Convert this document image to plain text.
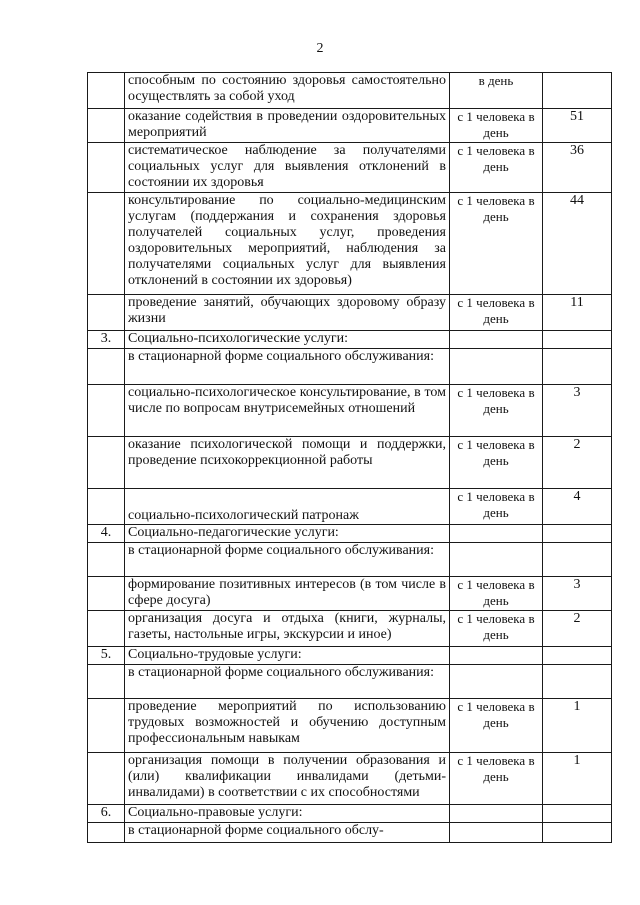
2
	способным по состоянию здоровья самостоятельно осуществлять за собой уход	в день	
	оказание содействия в проведении оздоровительных мероприятий	с 1 человека в день	51
	систематическое наблюдение за получателями социальных услуг для выявления отклонений в состоянии их здоровья	с 1 человека в день	36
	консультирование по социально-медицинским услугам (поддержания и сохранения здоровья получателей социальных услуг, проведения оздоровительных мероприятий, наблюдения за получателями социальных услуг для выявления отклонений в состоянии их здоровья)	с 1 человека в день	44
	проведение занятий, обучающих здоровому образу жизни	с 1 человека в день	11
3.	Социально-психологические услуги:		
	в стационарной форме социального обслуживания:		
	социально-психологическое консультирование, в том числе по вопросам внутрисемейных отношений	с 1 человека в день	3
	оказание психологической помощи и поддержки, проведение психокоррекционной работы	с 1 человека в день	2
	социально-психологический патронаж	с 1 человека в день	4
4.	Социально-педагогические услуги:		
	в стационарной форме социального обслуживания:		
	формирование позитивных интересов (в том числе в сфере досуга)	с 1 человека в день	3
	организация досуга и отдыха (книги, журналы, газеты, настольные игры, экскурсии и иное)	с 1 человека в день	2
5.	Социально-трудовые услуги:		
	в стационарной форме социального обслуживания:		
	проведение мероприятий по использованию трудовых возможностей и обучению доступным профессиональным навыкам	с 1 человека в день	1
	организация помощи в получении образования и (или) квалификации инвалидами (детьми-инвалидами) в соответствии с их способностями	с 1 человека в день	1
6.	Социально-правовые услуги:		
	в стационарной форме социального обслу-		
